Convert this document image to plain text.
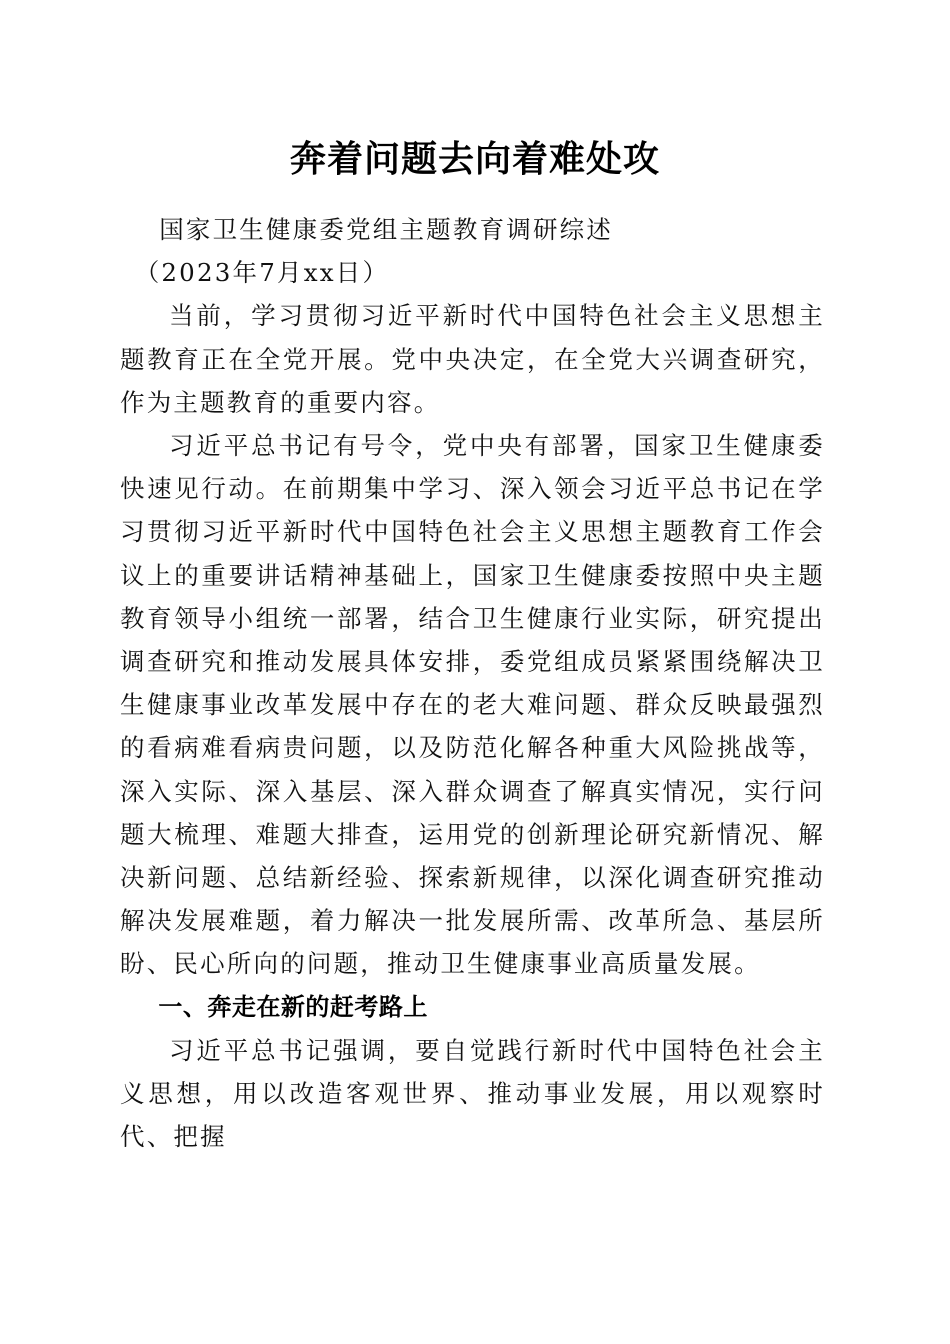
奔着问题去向着难处攻

国家卫生健康委党组主题教育调研综述

（2023年7月xx日）

当前，学习贯彻习近平新时代中国特色社会主义思想主题教育正在全党开展。党中央决定，在全党大兴调查研究，作为主题教育的重要内容。

习近平总书记有号令，党中央有部署，国家卫生健康委快速见行动。在前期集中学习、深入领会习近平总书记在学习贯彻习近平新时代中国特色社会主义思想主题教育工作会议上的重要讲话精神基础上，国家卫生健康委按照中央主题教育领导小组统一部署，结合卫生健康行业实际，研究提出调查研究和推动发展具体安排，委党组成员紧紧围绕解决卫生健康事业改革发展中存在的老大难问题、群众反映最强烈的看病难看病贵问题，以及防范化解各种重大风险挑战等，深入实际、深入基层、深入群众调查了解真实情况，实行问题大梳理、难题大排查，运用党的创新理论研究新情况、解决新问题、总结新经验、探索新规律，以深化调查研究推动解决发展难题，着力解决一批发展所需、改革所急、基层所盼、民心所向的问题，推动卫生健康事业高质量发展。

一、奔走在新的赶考路上

习近平总书记强调，要自觉践行新时代中国特色社会主义思想，用以改造客观世界、推动事业发展，用以观察时代、把握
